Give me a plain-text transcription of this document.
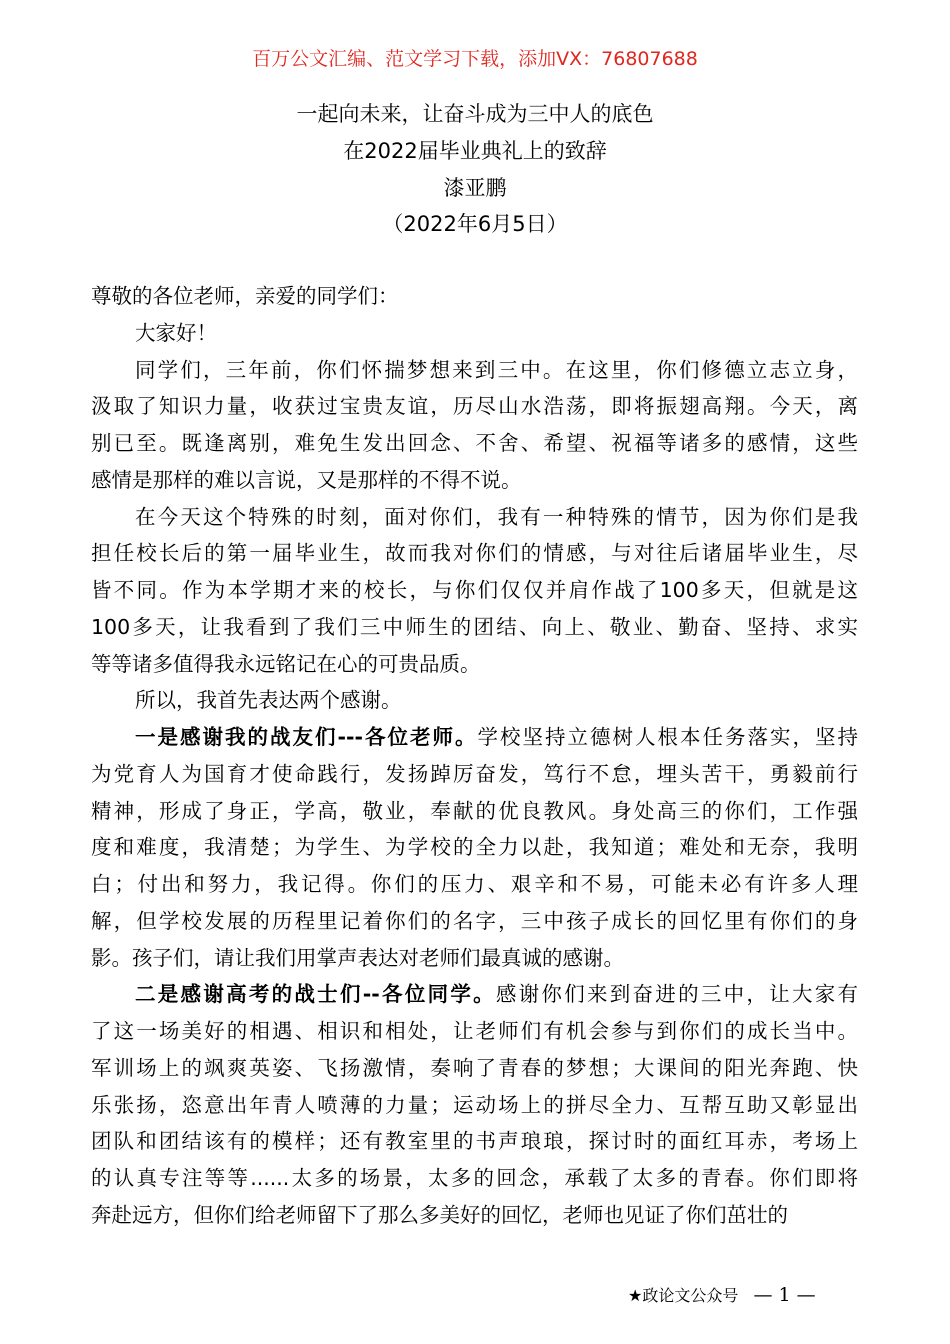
百万公文汇编、范文学习下载，添加VX：76807688
一起向未来，让奋斗成为三中人的底色
在2022届毕业典礼上的致辞
漆亚鹏
（2022年6月5日）
尊敬的各位老师，亲爱的同学们：
大家好！
同学们，三年前，你们怀揣梦想来到三中。在这里，你们修德立志立身，
汲取了知识力量，收获过宝贵友谊，历尽山水浩荡，即将振翅高翔。今天，离
别已至。既逢离别，难免生发出回念、不舍、希望、祝福等诸多的感情，这些
感情是那样的难以言说，又是那样的不得不说。
在今天这个特殊的时刻，面对你们，我有一种特殊的情节，因为你们是我
担任校长后的第一届毕业生，故而我对你们的情感，与对往后诸届毕业生，尽
皆不同。作为本学期才来的校长，与你们仅仅并肩作战了100多天，但就是这
100多天，让我看到了我们三中师生的团结、向上、敬业、勤奋、坚持、求实
等等诸多值得我永远铭记在心的可贵品质。
所以，我首先表达两个感谢。
一是感谢我的战友们---各位老师。学校坚持立德树人根本任务落实，坚持
为党育人为国育才使命践行，发扬踔厉奋发，笃行不怠，埋头苦干，勇毅前行
精神，形成了身正，学高，敬业，奉献的优良教风。身处高三的你们，工作强
度和难度，我清楚；为学生、为学校的全力以赴，我知道；难处和无奈，我明
白；付出和努力，我记得。你们的压力、艰辛和不易，可能未必有许多人理
解，但学校发展的历程里记着你们的名字，三中孩子成长的回忆里有你们的身
影。孩子们，请让我们用掌声表达对老师们最真诚的感谢。
二是感谢高考的战士们--各位同学。感谢你们来到奋进的三中，让大家有
了这一场美好的相遇、相识和相处，让老师们有机会参与到你们的成长当中。
军训场上的飒爽英姿、飞扬激情，奏响了青春的梦想；大课间的阳光奔跑、快
乐张扬，恣意出年青人喷薄的力量；运动场上的拼尽全力、互帮互助又彰显出
团队和团结该有的模样；还有教室里的书声琅琅，探讨时的面红耳赤，考场上
的认真专注等等......太多的场景，太多的回念，承载了太多的青春。你们即将
奔赴远方，但你们给老师留下了那么多美好的回忆，老师也见证了你们茁壮的
★政论文公众号 — 1 —
